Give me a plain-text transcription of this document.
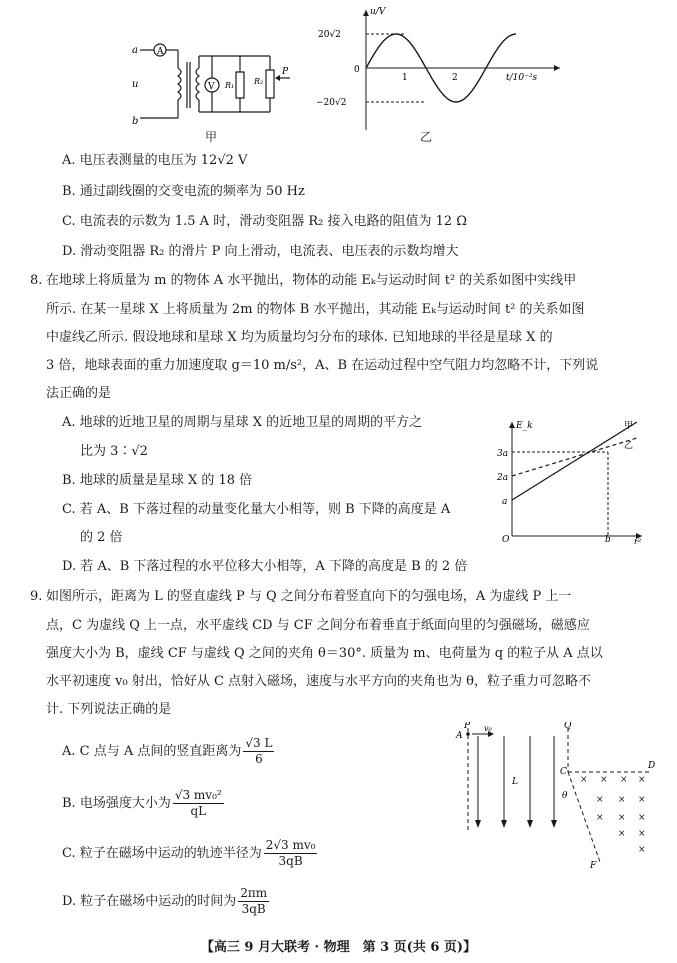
a
u
b
A
V R₁ R₂
P
甲
u/V
t/10⁻²s
0
20√2
−20√2
1	2
乙
A. 电压表测量的电压为 12√2 V
B. 通过副线圈的交变电流的频率为 50 Hz
C. 电流表的示数为 1.5 A 时，滑动变阻器 R₂ 接入电路的阻值为 12 Ω
D. 滑动变阻器 R₂ 的滑片 P 向上滑动，电流表、电压表的示数均增大
8. 在地球上将质量为 m 的物体 A 水平抛出，物体的动能 Eₖ与运动时间 t² 的关系如图中实线甲
所示. 在某一星球 X 上将质量为 2m 的物体 B 水平抛出，其动能 Eₖ与运动时间 t² 的关系如图
中虚线乙所示. 假设地球和星球 X 均为质量均匀分布的球体. 已知地球的半径是星球 X 的
3 倍，地球表面的重力加速度取 g＝10 m/s²，A、B 在运动过程中空气阻力均忽略不计，下列说
法正确的是
A. 地球的近地卫星的周期与星球 X 的近地卫星的周期的平方之
比为 3∶√2
B. 地球的质量是星球 X 的 18 倍
C. 若 A、B 下落过程的动量变化量大小相等，则 B 下降的高度是 A
的 2 倍
D. 若 A、B 下落过程的水平位移大小相等，A 下降的高度是 B 的 2 倍
E_k
t²
O
3a
2a
a
b
甲
乙
9. 如图所示，距离为 L 的竖直虚线 P 与 Q 之间分布着竖直向下的匀强电场，A 为虚线 P 上一
点，C 为虚线 Q 上一点，水平虚线 CD 与 CF 之间分布着垂直于纸面向里的匀强磁场，磁感应
强度大小为 B，虚线 CF 与虚线 Q 之间的夹角 θ＝30°. 质量为 m、电荷量为 q 的粒子从 A 点以
水平初速度 v₀ 射出，恰好从 C 点射入磁场，速度与水平方向的夹角也为 θ，粒子重力可忽略不
计. 下列说法正确的是
A. C 点与 A 点间的竖直距离为 $\frac{√3 L}{6}$
B. 电场强度大小为 $\frac{\text{√3 mv₀²}}{qL}$
C. 粒子在磁场中运动的轨迹半径为 $\frac{\text{2√3 mv₀}}{3qB}$
D. 粒子在磁场中运动的时间为 $\frac{2\pi m}{3qB}$
× × × ×
× × ×
× × ×
× ×
×
P	Q
A
v₀
L
C
D
θ
F
【高三 9 月大联考 · 物理　第 3 页(共 6 页)】
